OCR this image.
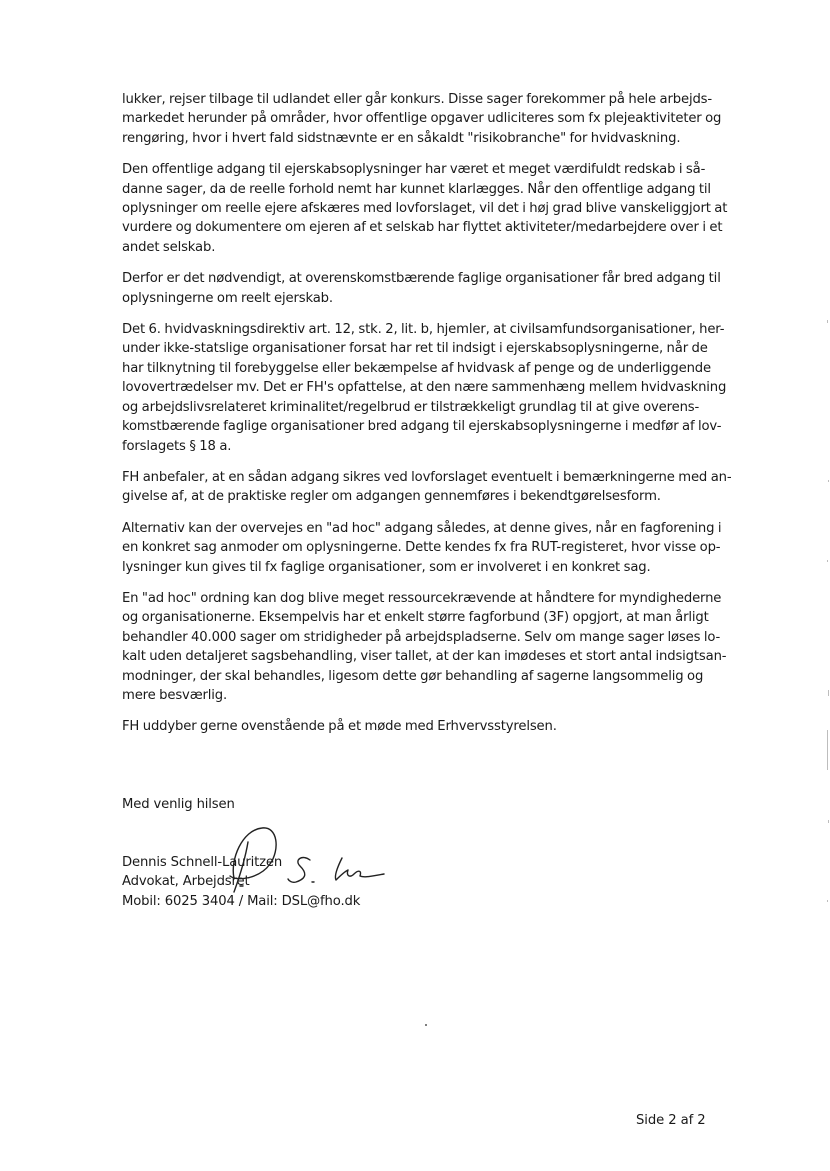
lukker, rejser tilbage til udlandet eller går konkurs. Disse sager forekommer på hele arbejds-
markedet herunder på områder, hvor offentlige opgaver udliciteres som fx plejeaktiviteter og
rengøring, hvor i hvert fald sidstnævnte er en såkaldt "risikobranche" for hvidvaskning.

Den offentlige adgang til ejerskabsoplysninger har været et meget værdifuldt redskab i så-
danne sager, da de reelle forhold nemt har kunnet klarlægges. Når den offentlige adgang til
oplysninger om reelle ejere afskæres med lovforslaget, vil det i høj grad blive vanskeliggjort at
vurdere og dokumentere om ejeren af et selskab har flyttet aktiviteter/medarbejdere over i et
andet selskab.

Derfor er det nødvendigt, at overenskomstbærende faglige organisationer får bred adgang til
oplysningerne om reelt ejerskab.

Det 6. hvidvaskningsdirektiv art. 12, stk. 2, lit. b, hjemler, at civilsamfundsorganisationer, her-
under ikke-statslige organisationer forsat har ret til indsigt i ejerskabsoplysningerne, når de
har tilknytning til forebyggelse eller bekæmpelse af hvidvask af penge og de underliggende
lovovertrædelser mv. Det er FH's opfattelse, at den nære sammenhæng mellem hvidvaskning
og arbejdslivsrelateret kriminalitet/regelbrud er tilstrækkeligt grundlag til at give overens-
komstbærende faglige organisationer bred adgang til ejerskabsoplysningerne i medfør af lov-
forslagets § 18 a.

FH anbefaler, at en sådan adgang sikres ved lovforslaget eventuelt i bemærkningerne med an-
givelse af, at de praktiske regler om adgangen gennemføres i bekendtgørelsesform.

Alternativ kan der overvejes en "ad hoc" adgang således, at denne gives, når en fagforening i
en konkret sag anmoder om oplysningerne. Dette kendes fx fra RUT-registeret, hvor visse op-
lysninger kun gives til fx faglige organisationer, som er involveret i en konkret sag.

En "ad hoc" ordning kan dog blive meget ressourcekrævende at håndtere for myndighederne
og organisationerne. Eksempelvis har et enkelt større fagforbund (3F) opgjort, at man årligt
behandler 40.000 sager om stridigheder på arbejdspladserne. Selv om mange sager løses lo-
kalt uden detaljeret sagsbehandling, viser tallet, at der kan imødeses et stort antal indsigtsan-
modninger, der skal behandles, ligesom dette gør behandling af sagerne langsommelig og
mere besværlig.

FH uddyber gerne ovenstående på et møde med Erhvervsstyrelsen.

Med venlig hilsen
Dennis Schnell-Lauritzen
Advokat, Arbejdsret
Mobil: 6025 3404 / Mail: DSL@fho.dk
Side 2 af 2
